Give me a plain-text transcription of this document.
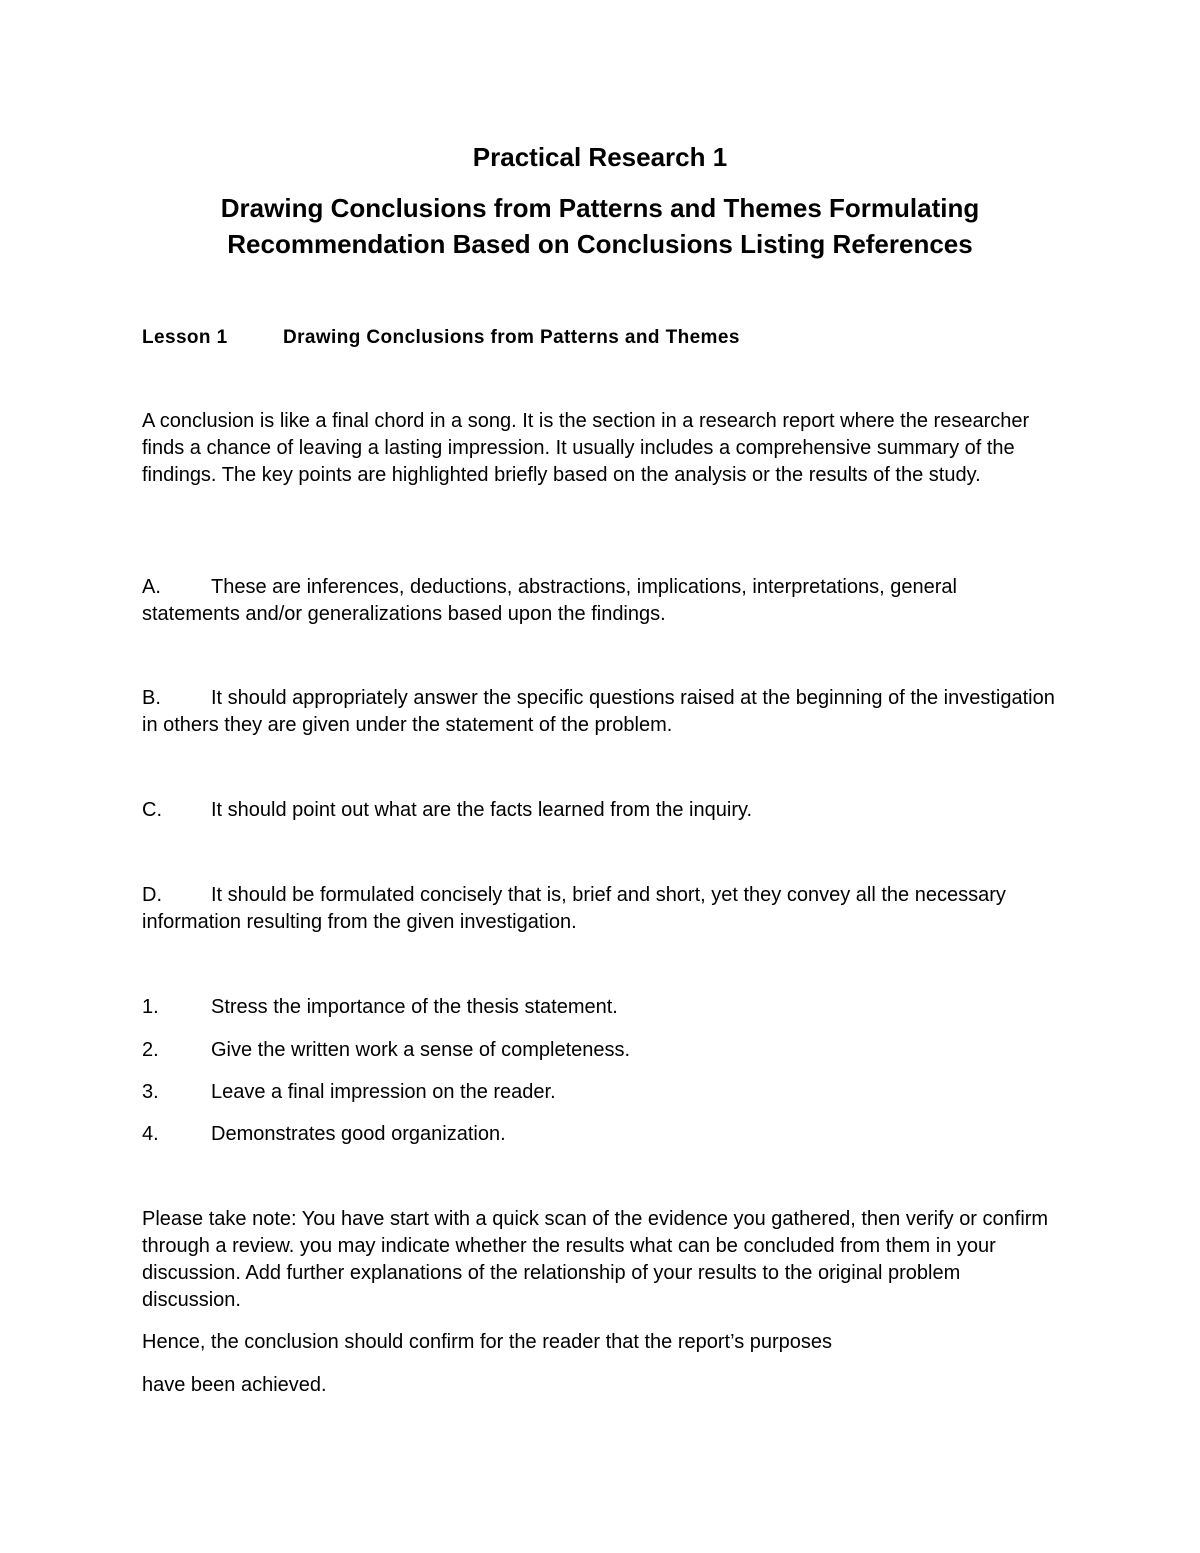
Practical Research 1
Drawing Conclusions from Patterns and Themes Formulating Recommendation Based on Conclusions Listing References
Lesson 1	Drawing Conclusions from Patterns and Themes

A conclusion is like a final chord in a song. It is the section in a research report where the researcher finds a chance of leaving a lasting impression. It usually includes a comprehensive summary of the findings. The key points are highlighted briefly based on the analysis or the results of the study.

A.	These are inferences, deductions, abstractions, implications, interpretations, general statements and/or generalizations based upon the findings.
B.	It should appropriately answer the specific questions raised at the beginning of the investigation in others they are given under the statement of the problem.
C. It should point out what are the facts learned from the inquiry.
D. It should be formulated concisely that is, brief and short, yet they convey all the necessary information resulting from the given investigation.
1.	Stress the importance of the thesis statement.
2.	Give the written work a sense of completeness.
3.	Leave a final impression on the reader.
4.	Demonstrates good organization.

Please take note: You have start with a quick scan of the evidence you gathered, then verify or confirm through a review. you may indicate whether the results what can be concluded from them in your discussion. Add further explanations of the relationship of your results to the original problem discussion.

Hence, the conclusion should confirm for the reader that the report’s purposes

have been achieved.
